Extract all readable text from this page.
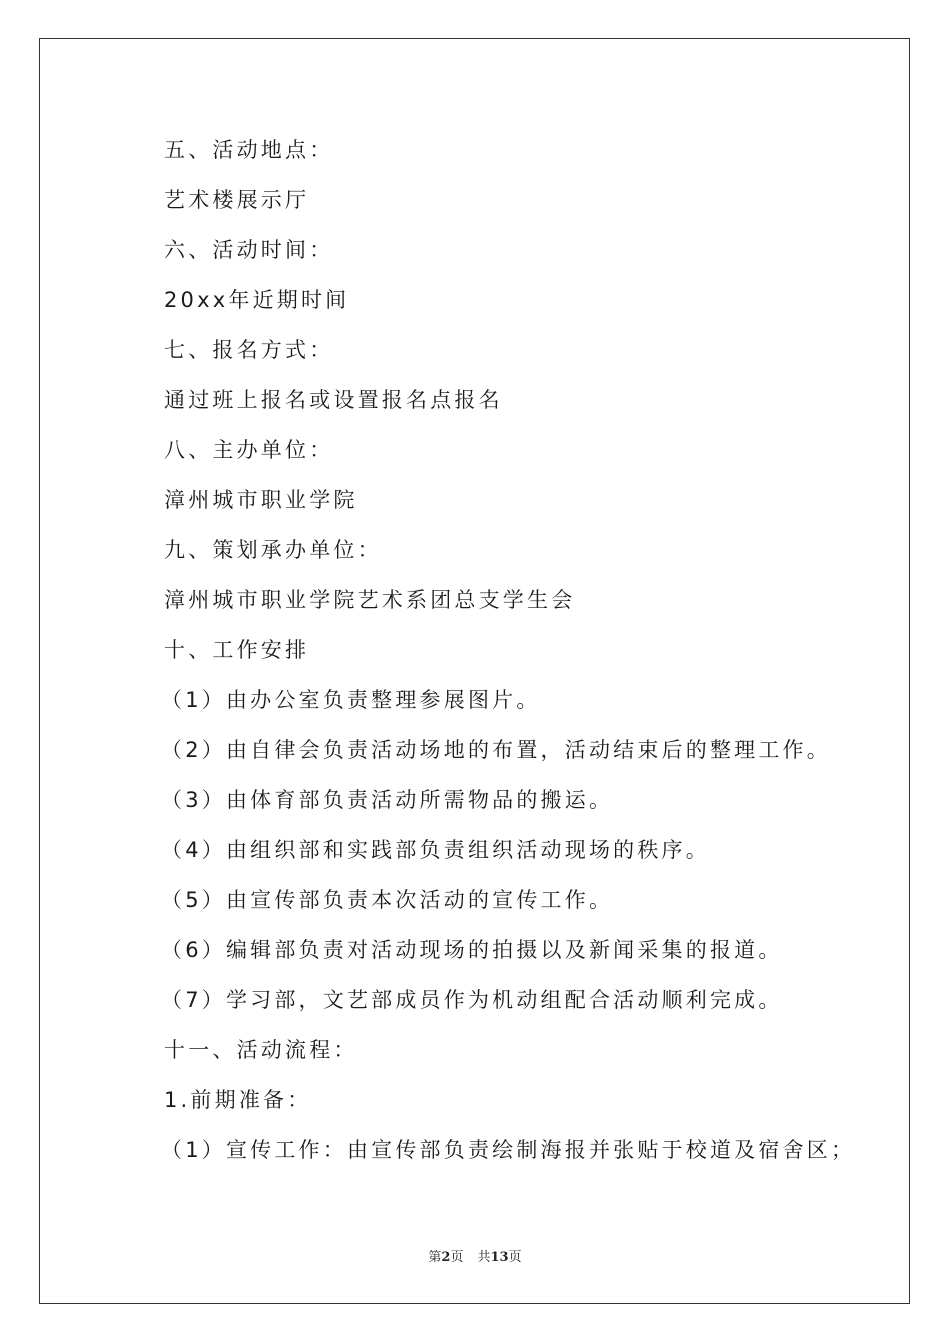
五、活动地点：
艺术楼展示厅
六、活动时间：
20xx年近期时间
七、报名方式：
通过班上报名或设置报名点报名
八、主办单位：
漳州城市职业学院
九、策划承办单位：
漳州城市职业学院艺术系团总支学生会
十、工作安排
（1）由办公室负责整理参展图片。
（2）由自律会负责活动场地的布置，活动结束后的整理工作。
（3）由体育部负责活动所需物品的搬运。
（4）由组织部和实践部负责组织活动现场的秩序。
（5）由宣传部负责本次活动的宣传工作。
（6）编辑部负责对活动现场的拍摄以及新闻采集的报道。
（7）学习部，文艺部成员作为机动组配合活动顺利完成。
十一、活动流程：
1.前期准备：
（1）宣传工作：由宣传部负责绘制海报并张贴于校道及宿舍区；
第2页 共13页
